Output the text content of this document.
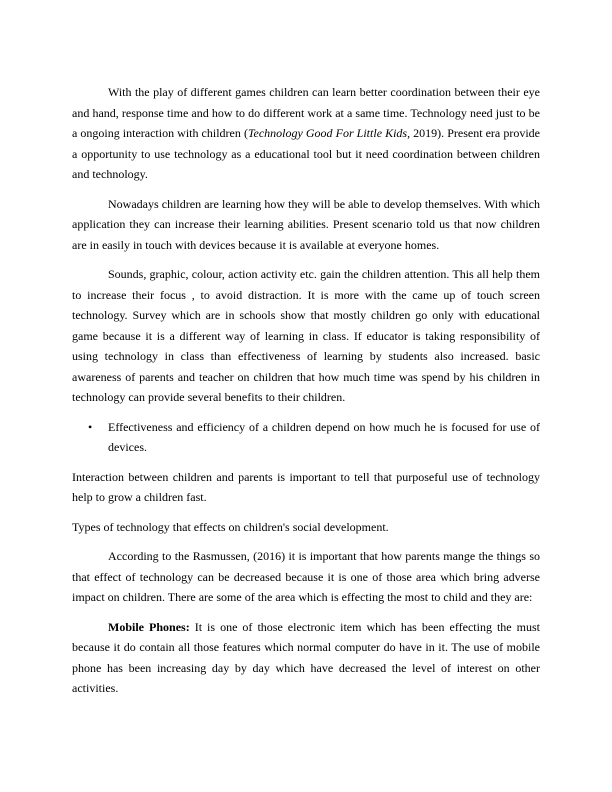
With the play of different games children can learn better coordination between their eye and hand, response time and how to do different work at a same time. Technology need just to be a ongoing interaction with children (Technology Good For Little Kids, 2019). Present era provide a opportunity to use technology as a educational tool but it need coordination between children and technology.

Nowadays children are learning how they will be able to develop themselves. With which application they can increase their learning abilities. Present scenario told us that now children are in easily in touch with devices because it is available at everyone homes.

Sounds, graphic, colour, action activity etc. gain the children attention. This all help them to increase their focus , to avoid distraction. It is more with the came up of touch screen technology. Survey which are in schools show that mostly children go only with educational game because it is a different way of learning in class. If educator is taking responsibility of using technology in class than effectiveness of learning by students also increased. basic awareness of parents and teacher on children that how much time was spend by his children in technology can provide several benefits to their children.

• Effectiveness and efficiency of a children depend on how much he is focused for use of devices.

Interaction between children and parents is important to tell that purposeful use of technology help to grow a children fast.

Types of technology that effects on children's social development.

According to the Rasmussen, (2016) it is important that how parents mange the things so that effect of technology can be decreased because it is one of those area which bring adverse impact on children. There are some of the area which is effecting the most to child and they are:

Mobile Phones: It is one of those electronic item which has been effecting the must because it do contain all those features which normal computer do have in it. The use of mobile phone has been increasing day by day which have decreased the level of interest on other activities.
